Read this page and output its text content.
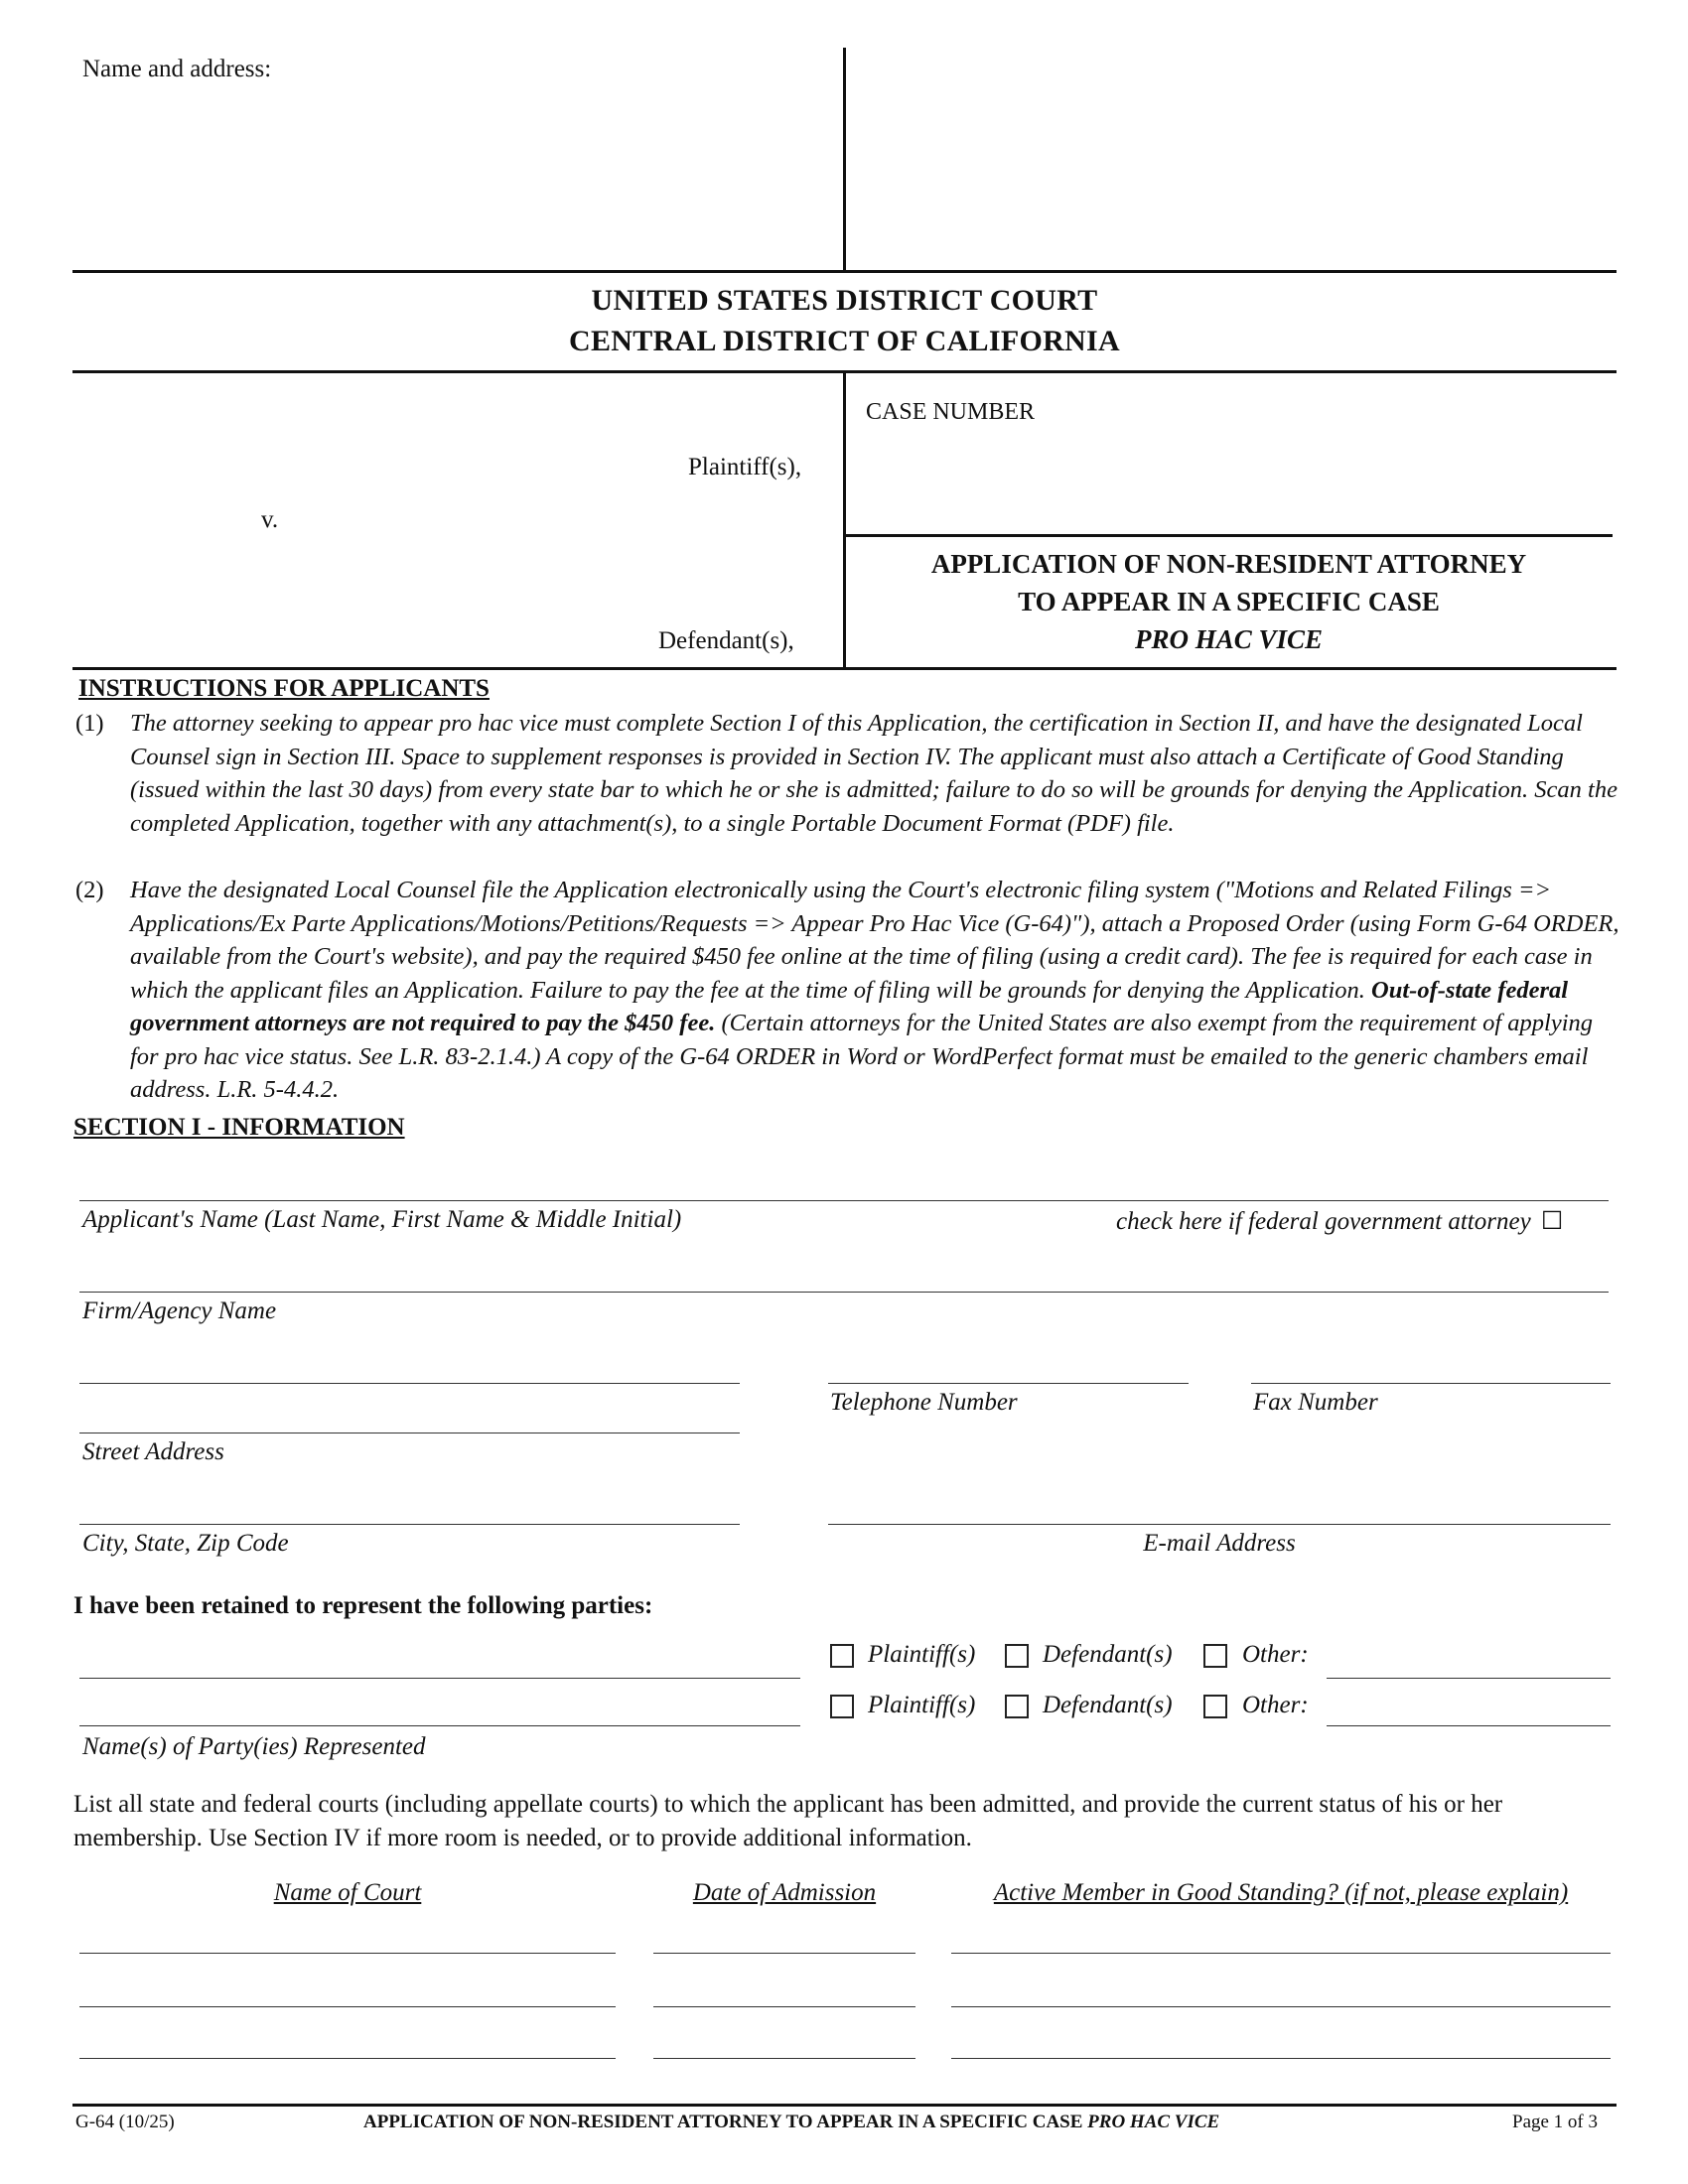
Name and address:
UNITED STATES DISTRICT COURT
CENTRAL DISTRICT OF CALIFORNIA
Plaintiff(s),
v.
Defendant(s),
CASE NUMBER
APPLICATION OF NON-RESIDENT ATTORNEY
TO APPEAR IN A SPECIFIC CASE
PRO HAC VICE
INSTRUCTIONS FOR APPLICANTS
(1)	The attorney seeking to appear pro hac vice must complete Section I of this Application, the certification in Section II, and have the designated Local Counsel sign in Section III. Space to supplement responses is provided in Section IV. The applicant must also attach a Certificate of Good Standing (issued within the last 30 days) from every state bar to which he or she is admitted; failure to do so will be grounds for denying the Application. Scan the completed Application, together with any attachment(s), to a single Portable Document Format (PDF) file.
(2)	Have the designated Local Counsel file the Application electronically using the Court's electronic filing system ("Motions and Related Filings => Applications/Ex Parte Applications/Motions/Petitions/Requests => Appear Pro Hac Vice (G-64)"), attach a Proposed Order (using Form G-64 ORDER, available from the Court's website), and pay the required $450 fee online at the time of filing (using a credit card). The fee is required for each case in which the applicant files an Application. Failure to pay the fee at the time of filing will be grounds for denying the Application. Out-of-state federal government attorneys are not required to pay the $450 fee. (Certain attorneys for the United States are also exempt from the requirement of applying for pro hac vice status. See L.R. 83-2.1.4.) A copy of the G-64 ORDER in Word or WordPerfect format must be emailed to the generic chambers email address. L.R. 5-4.4.2.
SECTION I - INFORMATION
Applicant's Name (Last Name, First Name & Middle Initial)	check here if federal government attorney ☐
Firm/Agency Name
Telephone Number	Fax Number
Street Address
City, State, Zip Code	E-mail Address
I have been retained to represent the following parties:
Plaintiff(s)	Defendant(s)	Other:
Plaintiff(s)	Defendant(s)	Other:
Name(s) of Party(ies) Represented
List all state and federal courts (including appellate courts) to which the applicant has been admitted, and provide the current status of his or her membership. Use Section IV if more room is needed, or to provide additional information.
Name of Court	Date of Admission	Active Member in Good Standing? (if not, please explain)
G-64 (10/25)	APPLICATION OF NON-RESIDENT ATTORNEY TO APPEAR IN A SPECIFIC CASE PRO HAC VICE	Page 1 of 3
